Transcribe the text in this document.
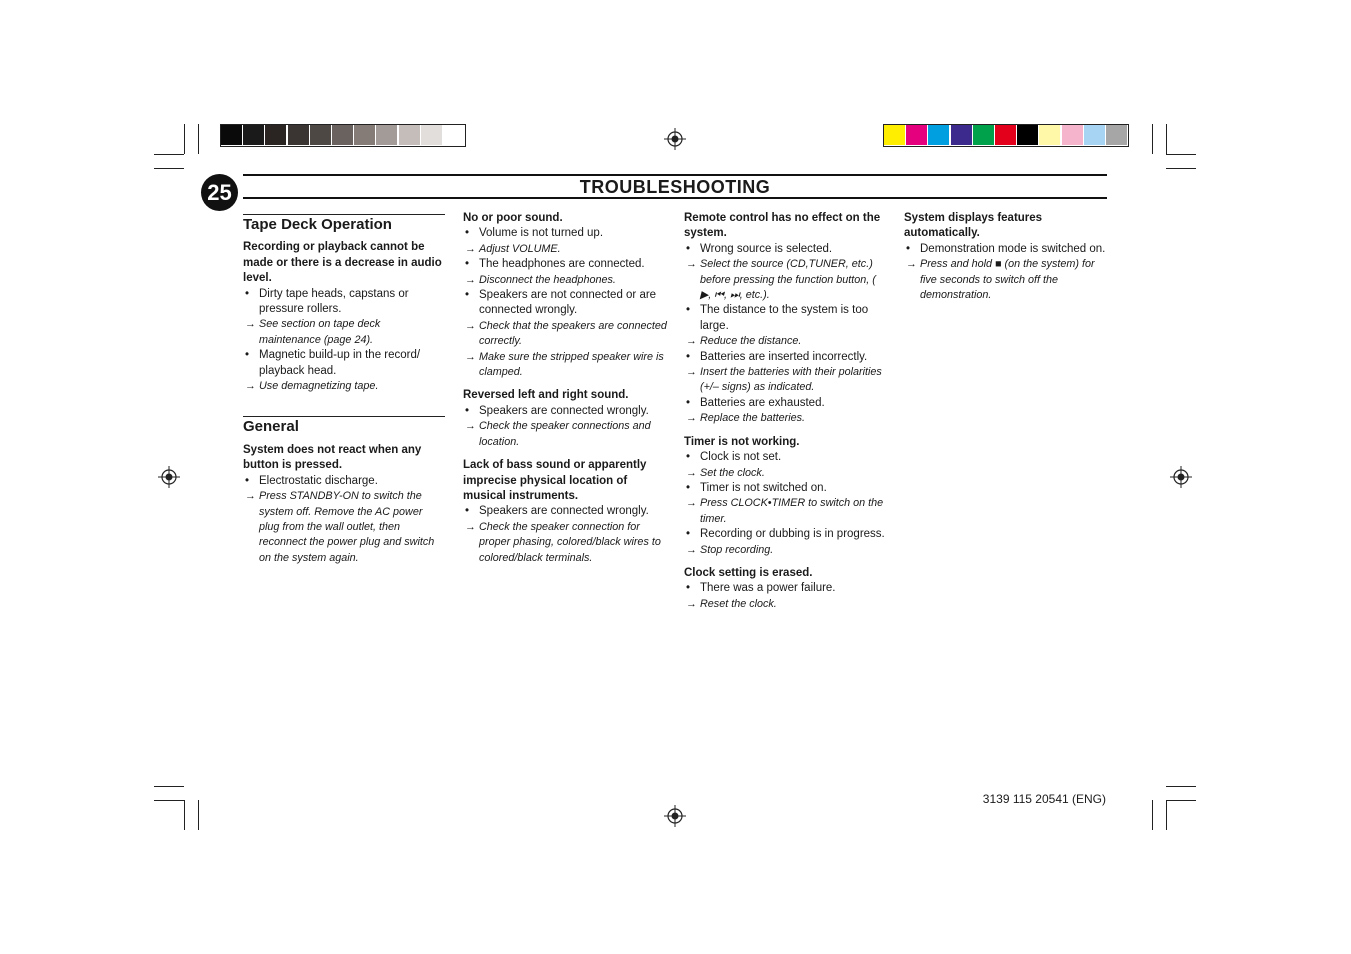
25	TROUBLESHOOTING
Tape Deck Operation
Recording or playback cannot be made or there is a decrease in audio level.
• Dirty tape heads, capstans or pressure rollers.
→ See section on tape deck maintenance (page 24).
• Magnetic build-up in the record/ playback head.
→ Use demagnetizing tape.
General
System does not react when any button is pressed.
• Electrostatic discharge.
→ Press STANDBY-ON to switch the system off. Remove the AC power plug from the wall outlet, then reconnect the power plug and switch on the system again.
No or poor sound.
• Volume is not turned up.
→ Adjust VOLUME.
• The headphones are connected.
→ Disconnect the headphones.
• Speakers are not connected or are connected wrongly.
→ Check that the speakers are connected correctly.
→ Make sure the stripped speaker wire is clamped.
Reversed left and right sound.
• Speakers are connected wrongly.
→ Check the speaker connections and location.
Lack of bass sound or apparently imprecise physical location of musical instruments.
• Speakers are connected wrongly.
→ Check the speaker connection for proper phasing, colored/black wires to colored/black terminals.
Remote control has no effect on the system.
• Wrong source is selected.
→ Select the source (CD,TUNER, etc.) before pressing the function button, ( ▶, ⏮, ⏭, etc.).
• The distance to the system is too large.
→ Reduce the distance.
• Batteries are inserted incorrectly.
→ Insert the batteries with their polarities (+/– signs) as indicated.
• Batteries are exhausted.
→ Replace the batteries.
Timer is not working.
• Clock is not set.
→ Set the clock.
• Timer is not switched on.
→ Press CLOCK•TIMER to switch on the timer.
• Recording or dubbing is in progress.
→ Stop recording.
Clock setting is erased.
• There was a power failure.
→ Reset the clock.
System displays features automatically.
• Demonstration mode is switched on.
→ Press and hold ■ (on the system) for five seconds to switch off the demonstration.
3139 115 20541 (ENG)
